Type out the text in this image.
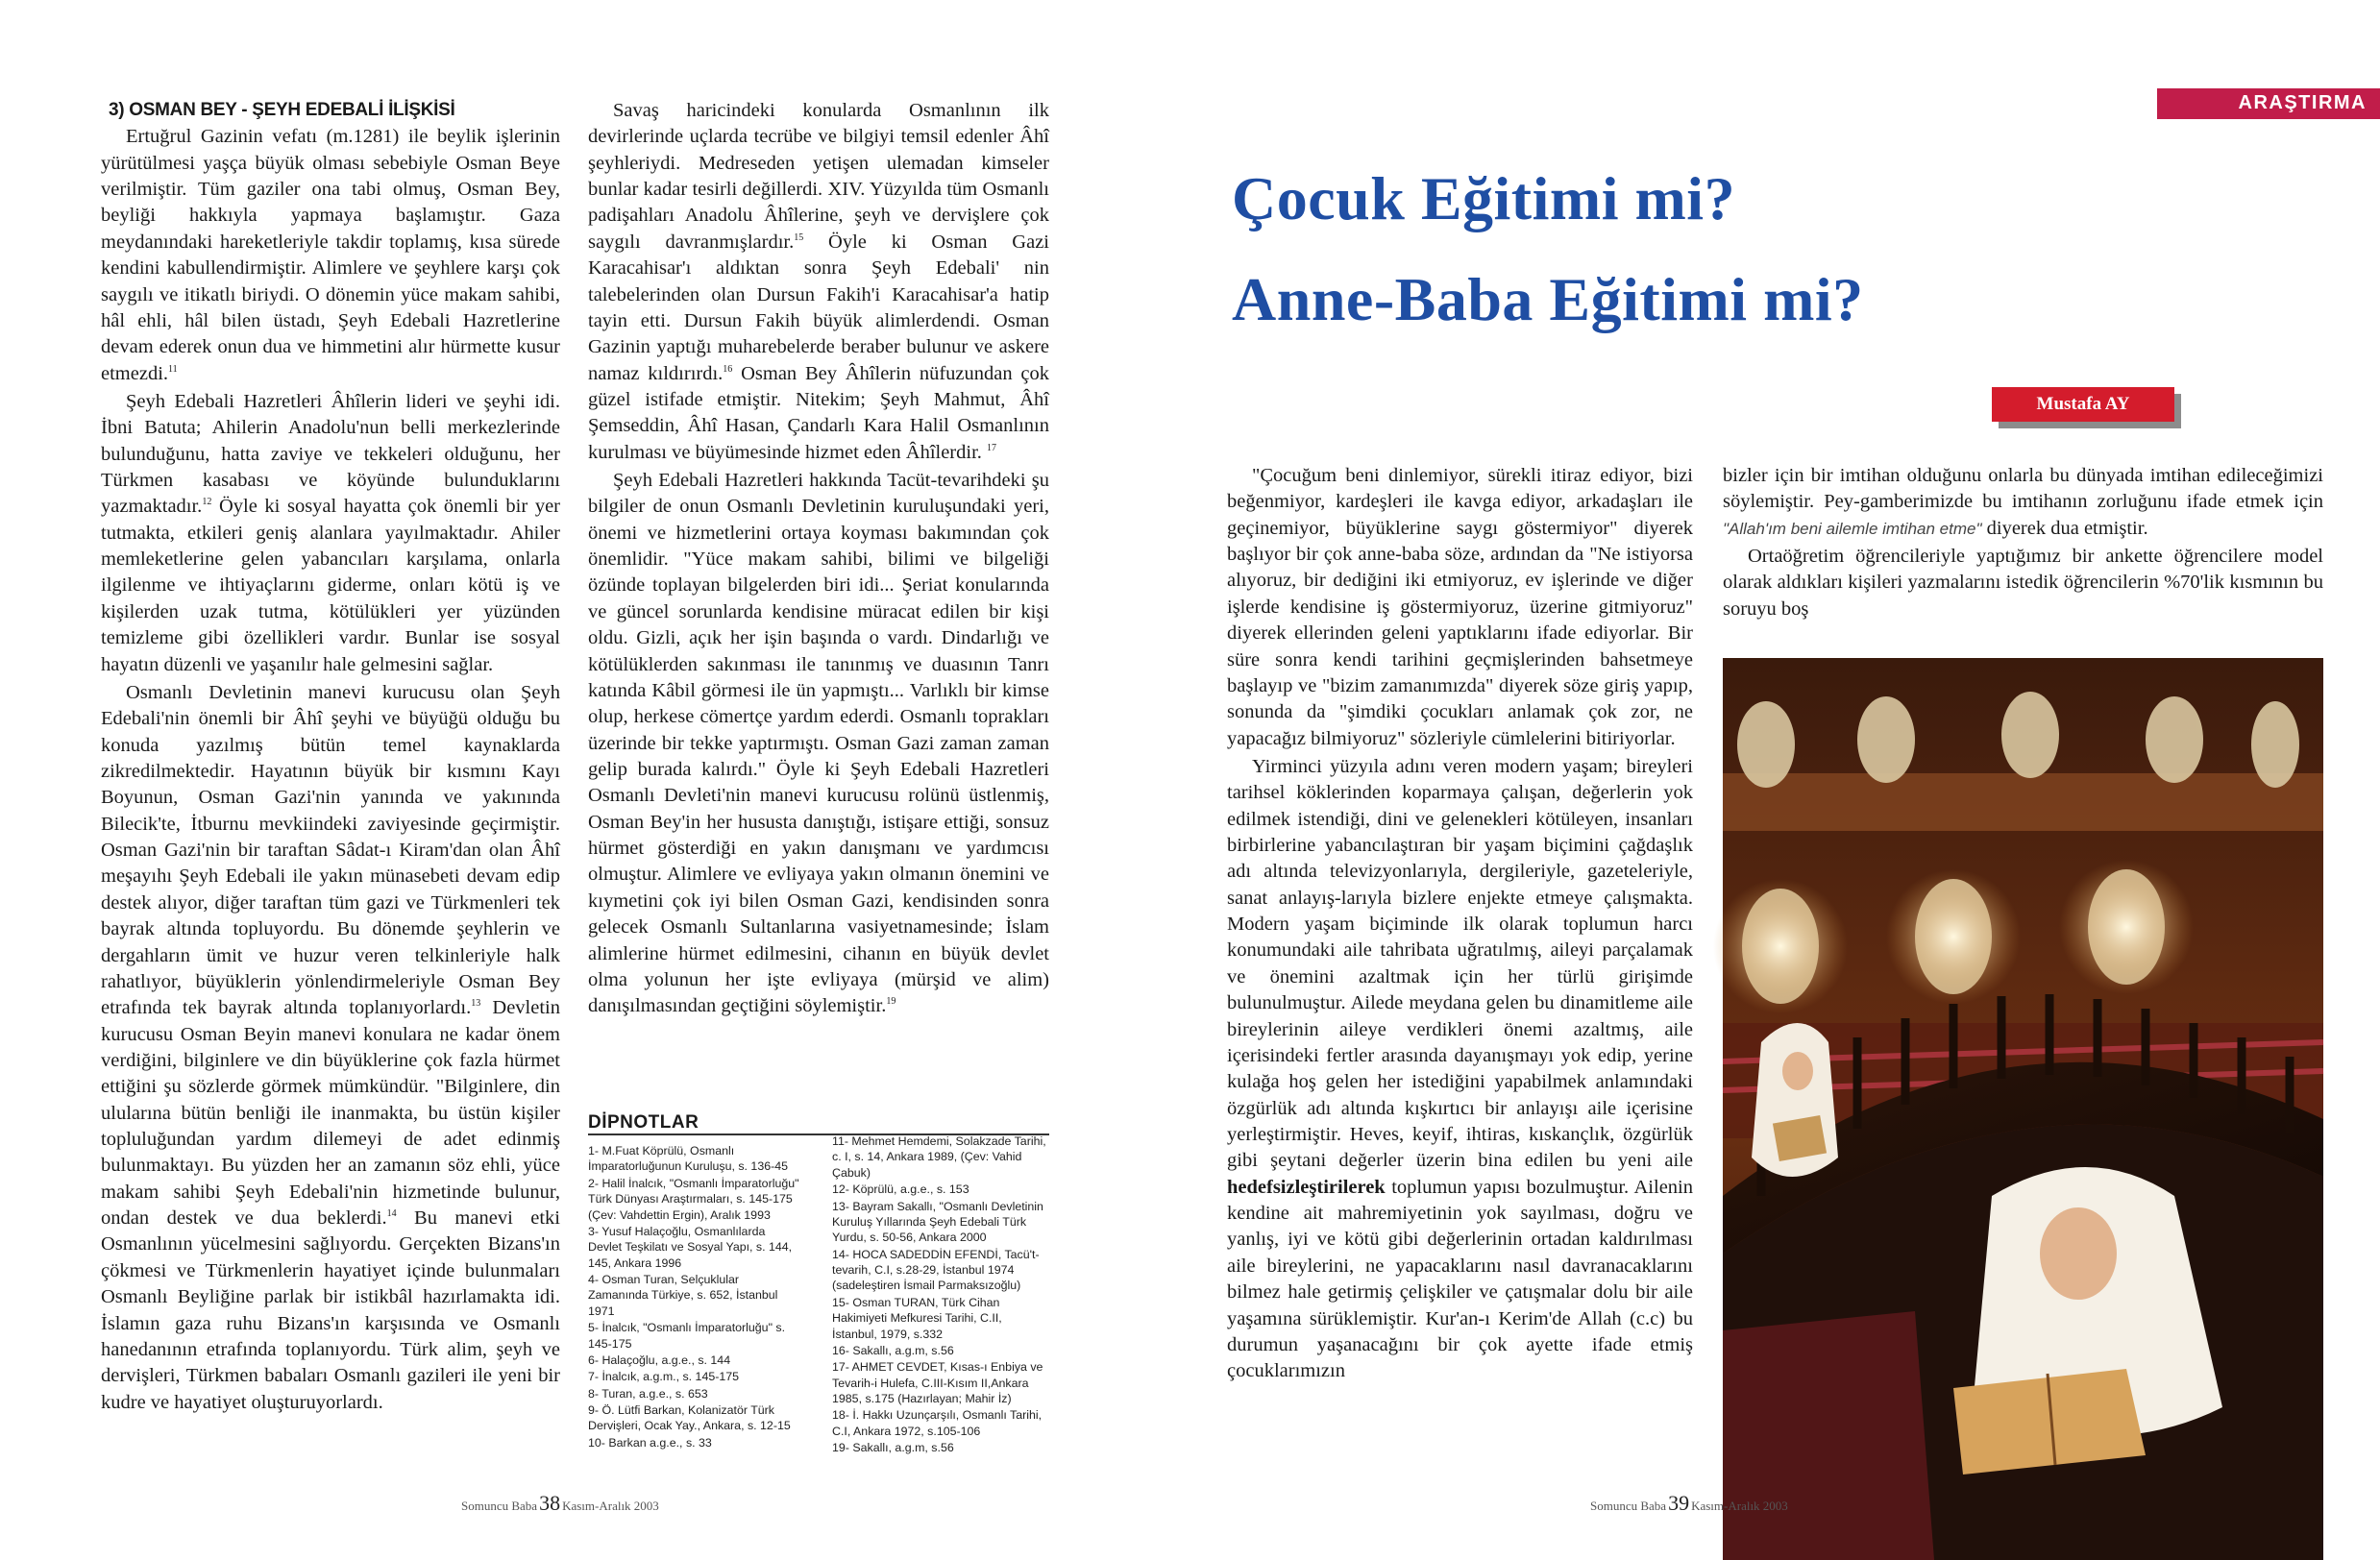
3) OSMAN BEY - ŞEYH EDEBALİ İLİŞKİSİ

Ertuğrul Gazinin vefatı (m.1281) ile beylik işlerinin yürütülmesi yaşça büyük olması sebebiyle Osman Beye verilmiştir. Tüm gaziler ona tabi olmuş, Osman Bey, beyliği hakkıyla yapmaya başlamıştır. Gaza meydanındaki hareketleriyle takdir toplamış, kısa sürede kendini kabullendirmiştir. Alimlere ve şeyhlere karşı çok saygılı ve itikatlı biriydi. O dönemin yüce makam sahibi, hâl ehli, hâl bilen üstadı, Şeyh Edebali Hazretlerine devam ederek onun dua ve himmetini alır hürmette kusur etmezdi.$^{11}$

Şeyh Edebali Hazretleri Âhîlerin lideri ve şeyhi idi. İbni Batuta; Ahilerin Anadolu'nun belli merkezlerinde bulunduğunu, hatta zaviye ve tekkeleri olduğunu, her Türkmen kasabası ve köyünde bulunduklarını yazmaktadır.$^{12}$ Öyle ki sosyal hayatta çok önemli bir yer tutmakta, etkileri geniş alanlara yayılmaktadır. Ahiler memleketlerine gelen yabancıları karşılama, onlarla ilgilenme ve ihtiyaçlarını giderme, onları kötü iş ve kişilerden uzak tutma, kötülükleri yer yüzünden temizleme gibi özellikleri vardır. Bunlar ise sosyal hayatın düzenli ve yaşanılır hale gelmesini sağlar.

Osmanlı Devletinin manevi kurucusu olan Şeyh Edebali'nin önemli bir Âhî şeyhi ve büyüğü olduğu bu konuda yazılmış bütün temel kaynaklarda zikredilmektedir. Hayatının büyük bir kısmını Kayı Boyunun, Osman Gazi'nin yanında ve yakınında Bilecik'te, İtburnu mevkiindeki zaviyesinde geçirmiştir. Osman Gazi'nin bir taraftan Sâdat-ı Kiram'dan olan Âhî meşayıhı Şeyh Edebali ile yakın münasebeti devam edip destek alıyor, diğer taraftan tüm gazi ve Türkmenleri tek bayrak altında topluyordu. Bu dönemde şeyhlerin ve dergahların ümit ve huzur veren telkinleriyle halk rahatlıyor, büyüklerin yönlendirmeleriyle Osman Bey etrafında tek bayrak altında toplanıyorlardı.$^{13}$ Devletin kurucusu Osman Beyin manevi konulara ne kadar önem verdiğini, bilginlere ve din büyüklerine çok fazla hürmet ettiğini şu sözlerde görmek mümkündür. "Bilginlere, din ulularına bütün benliği ile inanmakta, bu üstün kişiler topluluğundan yardım dilemeyi de adet edinmiş bulunmaktayı. Bu yüzden her an zamanın söz ehli, yüce makam sahibi Şeyh Edebali'nin hizmetinde bulunur, ondan destek ve dua beklerdi.$^{14}$ Bu manevi etki Osmanlının yücelmesini sağlıyordu. Gerçekten Bizans'ın çökmesi ve Türkmenlerin hayatiyet içinde bulunmaları Osmanlı Beyliğine parlak bir istikbâl hazırlamakta idi. İslamın gaza ruhu Bizans'ın karşısında ve Osmanlı hanedanının etrafında toplanıyordu. Türk alim, şeyh ve dervişleri, Türkmen babaları Osmanlı gazileri ile yeni bir kudre ve hayatiyet oluşturuyorlardı.

Savaş haricindeki konularda Osmanlının ilk devirlerinde uçlarda tecrübe ve bilgiyi temsil edenler Âhî şeyhleriydi. Medreseden yetişen ulemadan kimseler bunlar kadar tesirli değillerdi. XIV. Yüzyılda tüm Osmanlı padişahları Anadolu Âhîlerine, şeyh ve dervişlere çok saygılı davranmışlardır.$^{15}$ Öyle ki Osman Gazi Karacahisar'ı aldıktan sonra Şeyh Edebali' nin talebelerinden olan Dursun Fakih'i Karacahisar'a hatip tayin etti. Dursun Fakih büyük alimlerdendi. Osman Gazinin yaptığı muharebelerde beraber bulunur ve askere namaz kıldırırdı.$^{16}$ Osman Bey Âhîlerin nüfuzundan çok güzel istifade etmiştir. Nitekim; Şeyh Mahmut, Âhî Şemseddin, Âhî Hasan, Çandarlı Kara Halil Osmanlının kurulması ve büyümesinde hizmet eden Âhîlerdir. $^{17}$

Şeyh Edebali Hazretleri hakkında Tacüt-tevarihdeki şu bilgiler de onun Osmanlı Devletinin kuruluşundaki yeri, önemi ve hizmetlerini ortaya koyması bakımından çok önemlidir. "Yüce makam sahibi, bilimi ve bilgeliği özünde toplayan bilgelerden biri idi... Şeriat konularında ve güncel sorunlarda kendisine müracat edilen bir kişi oldu. Gizli, açık her işin başında o vardı. Dindarlığı ve kötülüklerden sakınması ile tanınmış ve duasının Tanrı katında Kâbil görmesi ile ün yapmıştı... Varlıklı bir kimse olup, herkese cömertçe yardım ederdi. Osmanlı toprakları üzerinde bir tekke yaptırmıştı. Osman Gazi zaman zaman gelip burada kalırdı." Öyle ki Şeyh Edebali Hazretleri Osmanlı Devleti'nin manevi kurucusu rolünü üstlenmiş, Osman Bey'in her hususta danıştığı, istişare ettiği, sonsuz hürmet gösterdiği en yakın danışmanı ve yardımcısı olmuştur. Alimlere ve evliyaya yakın olmanın önemini ve kıymetini çok iyi bilen Osman Gazi, kendisinden sonra gelecek Osmanlı Sultanlarına vasiyetnamesinde; İslam alimlerine hürmet edilmesini, cihanın en büyük devlet olma yolunun her işte evliyaya (mürşid ve alim) danışılmasından geçtiğini söylemiştir.$^{19}$

DİPNOTLAR
1- M.Fuat Köprülü, Osmanlı İmparatorluğunun Kuruluşu, s. 136-45
2- Halil İnalcık, "Osmanlı İmparatorluğu" Türk Dünyası Araştırmaları, s. 145-175 (Çev: Vahdettin Ergin), Aralık 1993
3- Yusuf Halaçoğlu, Osmanlılarda Devlet Teşkilatı ve Sosyal Yapı, s. 144, 145, Ankara 1996
4- Osman Turan, Selçuklular Zamanında Türkiye, s. 652, İstanbul 1971
5- İnalcık, "Osmanlı İmparatorluğu" s. 145-175
6- Halaçoğlu, a.g.e., s. 144
7- İnalcık, a.g.m., s. 145-175
8- Turan, a.g.e., s. 653
9- Ö. Lütfi Barkan, Kolanizatör Türk Dervişleri, Ocak Yay., Ankara, s. 12-15
10- Barkan a.g.e., s. 33
11- Mehmet Hemdemi, Solakzade Tarihi, c. I, s. 14, Ankara 1989, (Çev: Vahid Çabuk)
12- Köprülü, a.g.e., s. 153
13- Bayram Sakallı, "Osmanlı Devletinin Kuruluş Yıllarında Şeyh Edebali Türk Yurdu, s. 50-56, Ankara 2000
14- HOCA SADEDDİN EFENDİ, Tacü't-tevarih, C.I, s.28-29, İstanbul 1974 (sadeleştiren İsmail Parmaksızoğlu)
15- Osman TURAN, Türk Cihan Hakimiyeti Mefkuresi Tarihi, C.II, İstanbul, 1979, s.332
16- Sakallı, a.g.m, s.56
17- AHMET CEVDET, Kısas-ı Enbiya ve Tevarih-i Hulefa, C.III-Kısım II,Ankara 1985, s.175 (Hazırlayan; Mahir İz)
18- İ. Hakkı Uzunçarşılı, Osmanlı Tarihi, C.I, Ankara 1972, s.105-106
19- Sakallı, a.g.m, s.56
Somuncu Baba38 Kasım-Aralık 2003
ARAŞTIRMA
Çocuk Eğitimi mi?
Anne-Baba Eğitimi mi?
Mustafa AY

"Çocuğum beni dinlemiyor, sürekli itiraz ediyor, bizi beğenmiyor, kardeşleri ile kavga ediyor, arkadaşları ile geçinemiyor, büyüklerine saygı göstermiyor" diyerek başlıyor bir çok anne-baba söze, ardından da "Ne istiyorsa alıyoruz, bir dediğini iki etmiyoruz, ev işlerinde ve diğer işlerde kendisine iş göstermiyoruz, üzerine gitmiyoruz" diyerek ellerinden geleni yaptıklarını ifade ediyorlar. Bir süre sonra kendi tarihini geçmişlerinden bahsetmeye başlayıp ve "bizim zamanımızda" diyerek söze giriş yapıp, sonunda da "şimdiki çocukları anlamak çok zor, ne yapacağız bilmiyoruz" sözleriyle cümlelerini bitiriyorlar.

Yirminci yüzyıla adını veren modern yaşam; bireyleri tarihsel köklerinden koparmaya çalışan, değerlerin yok edilmek istendiği, dini ve gelenekleri kötüleyen, insanları birbirlerine yabancılaştıran bir yaşam biçimini çağdaşlık adı altında televizyonlarıyla, dergileriyle, gazeteleriyle, sanat anlayış-larıyla bizlere enjekte etmeye çalışmakta. Modern yaşam biçiminde ilk olarak toplumun harcı konumundaki aile tahribata uğratılmış, aileyi parçalamak ve önemini azaltmak için her türlü girişimde bulunulmuştur. Ailede meydana gelen bu dinamitleme aile bireylerinin aileye verdikleri önemi azaltmış, aile içerisindeki fertler arasında dayanışmayı yok edip, yerine kulağa hoş gelen her istediğini yapabilmek anlamındaki özgürlük adı altında kışkırtıcı bir anlayışı aile içerisine yerleştirmiştir. Heves, keyif, ihtiras, kıskançlık, özgürlük gibi şeytani değerler üzerin bina edilen bu yeni aile hedefsizleştirilerek toplumun yapısı bozulmuştur. Ailenin kendine ait mahremiyetinin yok sayılması, doğru ve yanlış, iyi ve kötü gibi değerlerinin ortadan kaldırılması aile bireylerini, ne yapacaklarını nasıl davranacaklarını bilmez hale getirmiş çelişkiler ve çatışmalar dolu bir aile yaşamına sürüklemiştir. Kur'an-ı Kerim'de Allah (c.c) bu durumun yaşanacağını bir çok ayette ifade etmiş çocuklarımızın

bizler için bir imtihan olduğunu onlarla bu dünyada imtihan edileceğimizi söylemiştir. Pey-gamberimizde bu imtihanın zorluğunu ifade etmek için "Allah'ım beni ailemle imtihan etme" diyerek dua etmiştir.

Ortaöğretim öğrencileriyle yaptığımız bir ankette öğrencilere model olarak aldıkları kişileri yazmalarını istedik öğrencilerin %70'lik kısmının bu soruyu boş

Somuncu Baba39 Kasım-Aralık 2003
